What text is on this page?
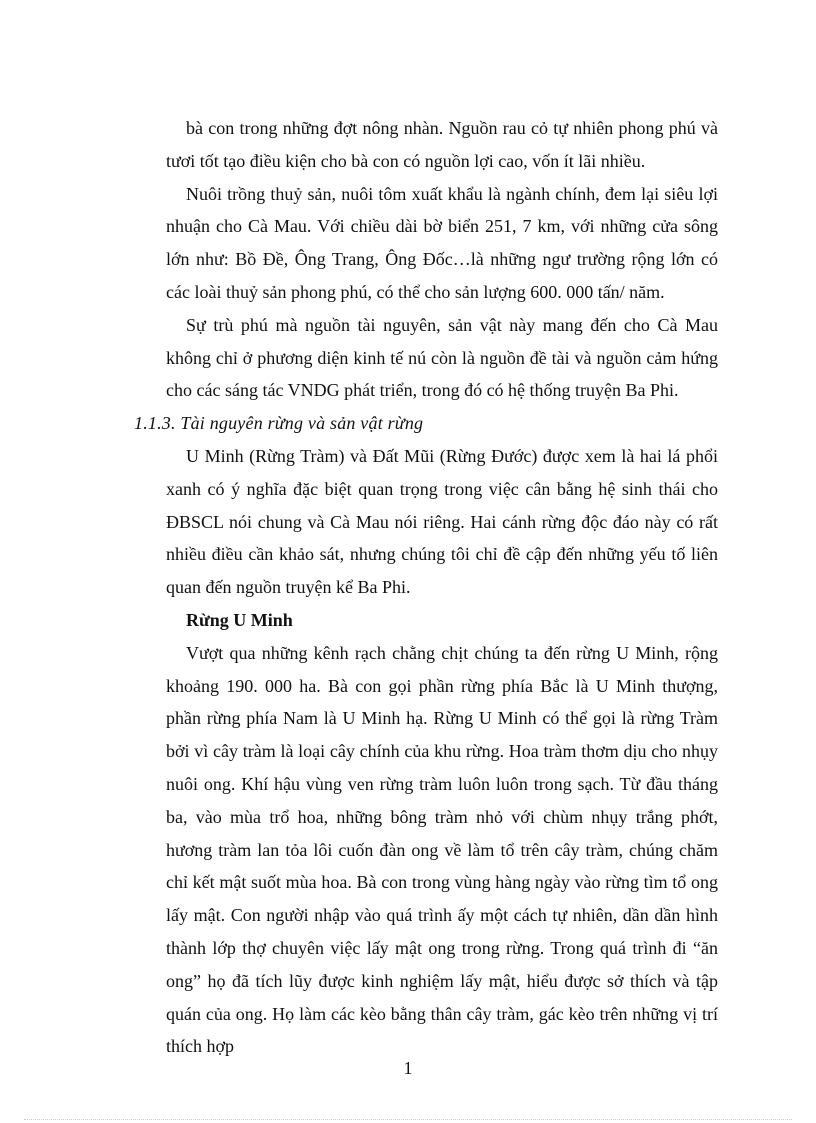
bà con trong những đợt nông nhàn. Nguồn rau cỏ tự nhiên phong phú và tươi tốt tạo điều kiện cho bà con có nguồn lợi cao, vốn ít lãi nhiều.

Nuôi trồng thuỷ sản, nuôi tôm xuất khẩu là ngành chính, đem lại siêu lợi nhuận cho Cà Mau. Với chiều dài bờ biển 251, 7 km, với những cửa sông lớn như: Bồ Đề, Ông Trang, Ông Đốc…là những ngư trường rộng lớn có các loài thuỷ sản phong phú, có thể cho sản lượng 600. 000 tấn/ năm.

Sự trù phú mà nguồn tài nguyên, sản vật này mang đến cho Cà Mau không chỉ ở phương diện kinh tế nú còn là nguồn đề tài và nguồn cảm hứng cho các sáng tác VNDG phát triển, trong đó có hệ thống truyện Ba Phi.

1.1.3. Tài nguyên rừng và sản vật rừng

U Minh (Rừng Tràm) và Đất Mũi (Rừng Đước) được xem là hai lá phổi xanh có ý nghĩa đặc biệt quan trọng trong việc cân bằng hệ sinh thái cho ĐBSCL nói chung và Cà Mau nói riêng. Hai cánh rừng độc đáo này có rất nhiều điều cần khảo sát, nhưng chúng tôi chỉ đề cập đến những yếu tố liên quan đến nguồn truyện kể Ba Phi.

Rừng U Minh

Vượt qua những kênh rạch chằng chịt chúng ta đến rừng U Minh, rộng khoảng 190. 000 ha. Bà con gọi phần rừng phía Bắc là U Minh thượng, phần rừng phía Nam là U Minh hạ. Rừng U Minh có thể gọi là rừng Tràm bởi vì cây tràm là loại cây chính của khu rừng. Hoa tràm thơm dịu cho nhụy nuôi ong. Khí hậu vùng ven rừng tràm luôn luôn trong sạch. Từ đầu tháng ba, vào mùa trổ hoa, những bông tràm nhỏ với chùm nhụy trắng phớt, hương tràm lan tỏa lôi cuốn đàn ong về làm tổ trên cây tràm, chúng chăm chỉ kết mật suốt mùa hoa. Bà con trong vùng hàng ngày vào rừng tìm tổ ong lấy mật. Con người nhập vào quá trình ấy một cách tự nhiên, dần dần hình thành lớp thợ chuyên việc lấy mật ong trong rừng. Trong quá trình đi “ăn ong” họ đã tích lũy được kinh nghiệm lấy mật, hiểu được sở thích và tập quán của ong. Họ làm các kèo bằng thân cây tràm, gác kèo trên những vị trí thích hợp

1
